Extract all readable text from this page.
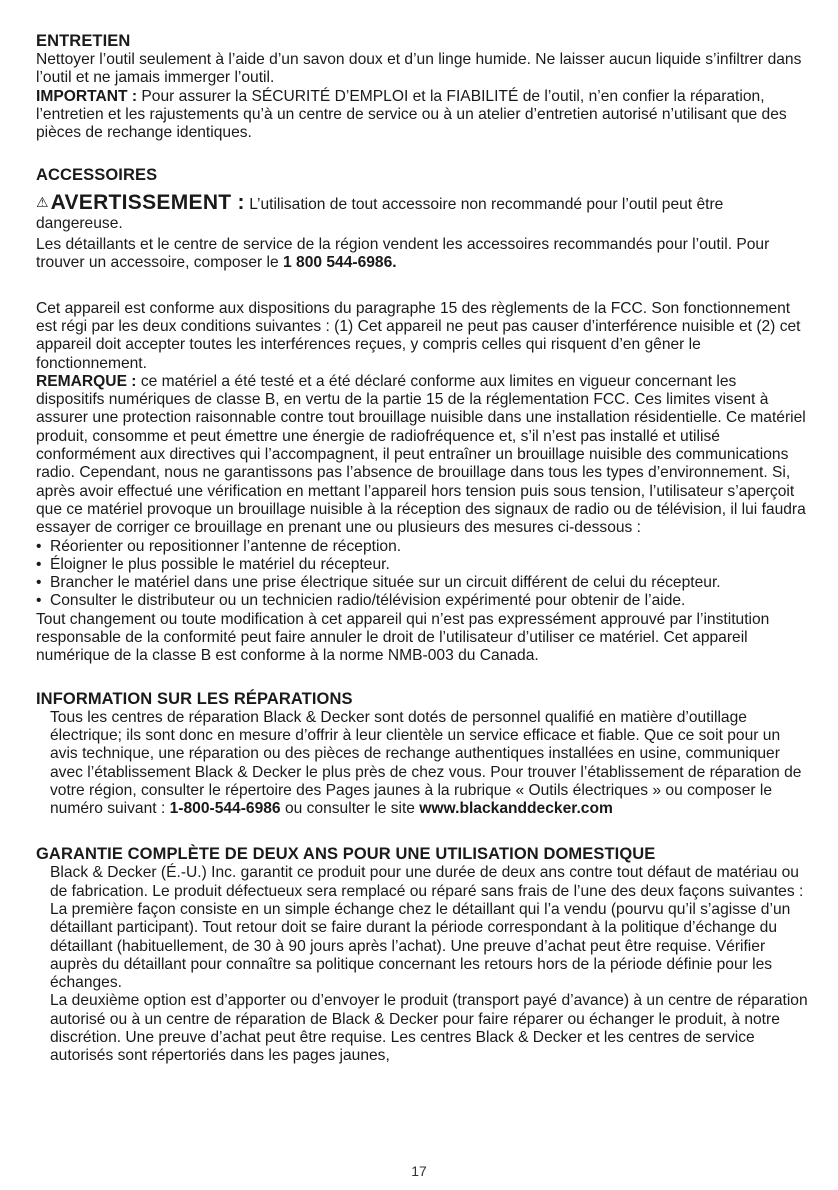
ENTRETIEN

Nettoyer l’outil seulement à l’aide d’un savon doux et d’un linge humide. Ne laisser aucun liquide s’infiltrer dans l’outil et ne jamais immerger l’outil.

IMPORTANT : Pour assurer la SÉCURITÉ D’EMPLOI et la FIABILITÉ de l’outil, n’en confier la réparation, l’entretien et les rajustements qu’à un centre de service ou à un atelier d’entretien autorisé n’utilisant que des pièces de rechange identiques.

ACCESSOIRES

⚠AVERTISSEMENT : L’utilisation de tout accessoire non recommandé pour l’outil peut être dangereuse.

Les détaillants et le centre de service de la région vendent les accessoires recommandés pour l’outil. Pour trouver un accessoire, composer le 1 800 544-6986.

Cet appareil est conforme aux dispositions du paragraphe 15 des règlements de la FCC. Son fonctionnement est régi par les deux conditions suivantes : (1) Cet appareil ne peut pas causer d’interférence nuisible et (2) cet appareil doit accepter toutes les interférences reçues, y compris celles qui risquent d’en gêner le fonctionnement.

REMARQUE : ce matériel a été testé et a été déclaré conforme aux limites en vigueur concernant les dispositifs numériques de classe B, en vertu de la partie 15 de la réglementation FCC. Ces limites visent à assurer une protection raisonnable contre tout brouillage nuisible dans une installation résidentielle. Ce matériel produit, consomme et peut émettre une énergie de radiofréquence et, s’il n’est pas installé et utilisé conformément aux directives qui l’accompagnent, il peut entraîner un brouillage nuisible des communications radio. Cependant, nous ne garantissons pas l’absence de brouillage dans tous les types d’environnement. Si, après avoir effectué une vérification en mettant l’appareil hors tension puis sous tension, l’utilisateur s’aperçoit que ce matériel provoque un brouillage nuisible à la réception des signaux de radio ou de télévision, il lui faudra essayer de corriger ce brouillage en prenant une ou plusieurs des mesures ci-dessous :

• Réorienter ou repositionner l’antenne de réception.

• Éloigner le plus possible le matériel du récepteur.

• Brancher le matériel dans une prise électrique située sur un circuit différent de celui du récepteur.

• Consulter le distributeur ou un technicien radio/télévision expérimenté pour obtenir de l’aide.

Tout changement ou toute modification à cet appareil qui n’est pas expressément approuvé par l’institution responsable de la conformité peut faire annuler le droit de l’utilisateur d’utiliser ce matériel. Cet appareil numérique de la classe B est conforme à la norme NMB-003 du Canada.

INFORMATION SUR LES RÉPARATIONS

Tous les centres de réparation Black & Decker sont dotés de personnel qualifié en matière d’outillage électrique; ils sont donc en mesure d’offrir à leur clientèle un service efficace et fiable. Que ce soit pour un avis technique, une réparation ou des pièces de rechange authentiques installées en usine, communiquer avec l’établissement Black & Decker le plus près de chez vous. Pour trouver l’établissement de réparation de votre région, consulter le répertoire des Pages jaunes à la rubrique « Outils électriques » ou composer le numéro suivant : 1-800-544-6986 ou consulter le site www.blackanddecker.com

GARANTIE COMPLÈTE DE DEUX ANS POUR UNE UTILISATION DOMESTIQUE

Black & Decker (É.-U.) Inc. garantit ce produit pour une durée de deux ans contre tout défaut de matériau ou de fabrication. Le produit défectueux sera remplacé ou réparé sans frais de l’une des deux façons suivantes :

La première façon consiste en un simple échange chez le détaillant qui l’a vendu (pourvu qu’il s’agisse d’un détaillant participant). Tout retour doit se faire durant la période correspondant à la politique d’échange du détaillant (habituellement, de 30 à 90 jours après l’achat). Une preuve d’achat peut être requise. Vérifier auprès du détaillant pour connaître sa politique concernant les retours hors de la période définie pour les échanges.

La deuxième option est d’apporter ou d’envoyer le produit (transport payé d’avance) à un centre de réparation autorisé ou à un centre de réparation de Black & Decker pour faire réparer ou échanger le produit, à notre discrétion. Une preuve d’achat peut être requise. Les centres Black & Decker et les centres de service autorisés sont répertoriés dans les pages jaunes,

17
